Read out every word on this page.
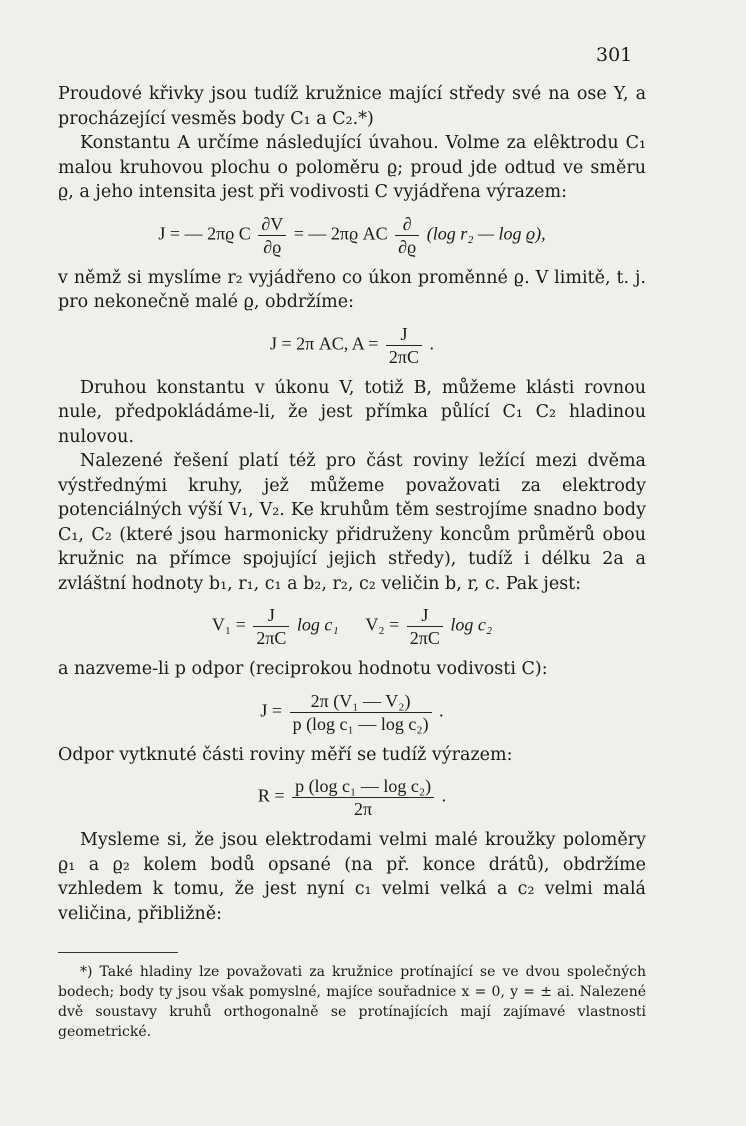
301

Proudové křivky jsou tudíž kružnice mající středy své na ose Y, a procházející vesměs body C₁ a C₂.*)

Konstantu A určíme následující úvahou. Volme za elêktrodu C₁ malou kruhovou plochu o poloměru ϱ; proud jde odtud ve směru ϱ, a jeho intensita jest při vodivosti C vyjádřena výrazem:

J = — 2πϱ C $\frac{\partial V}{\partial ϱ}$ = — 2πϱ AC $\frac{\partial}{\partial ϱ} (\log$ r₂ — log ϱ),

v němž si myslíme r₂ vyjádřeno co úkon proměnné ϱ. V limitě, t. j. pro nekonečně malé ϱ, obdržíme:

J = 2π AC, $A = \frac{J}{2\pi C}$ .

Druhou konstantu v úkonu V, totiž B, můžeme klásti rovnou nule, předpokládáme-li, že jest přímka půlící C₁ C₂ hladinou nulovou.

Nalezené řešení platí též pro část roviny ležící mezi dvěma výstřednými kruhy, jež můžeme považovati za elektrody potenciálných výší V₁, V₂. Ke kruhům těm sestrojíme snadno body C₁, C₂ (které jsou harmonicky přidruženy koncům průměrů obou kružnic na přímce spojující jejich středy), tudíž i délku 2a a zvláštní hodnoty b₁, r₁, c₁ a b₂, r₂, c₂ veličin b, r, c. Pak jest:

$V_1 = \frac{J}{2\pi C}$ log c₁ $V_2 = \frac{J}{2\pi C}$ log c₂

a nazveme-li p odpor (reciprokou hodnotu vodivosti C):

$J = \frac{\text{2π (V₁ — V₂)}}{\text{p (log c₁ — log c₂)}}$ .

Odpor vytknuté části roviny měří se tudíž výrazem:

$R = \frac{\text{p (log c₁ — log c₂)}}{2\pi}$ .

Mysleme si, že jsou elektrodami velmi malé kroužky poloměry ϱ₁ a ϱ₂ kolem bodů opsané (na př. konce drátů), obdržíme vzhledem k tomu, že jest nyní c₁ velmi velká a c₂ velmi malá veličina, přibližně:

*) Také hladiny lze považovati za kružnice protínající se ve dvou společných bodech; body ty jsou však pomyslné, majíce souřadnice x = 0, y = ± ai. Nalezené dvě soustavy kruhů orthogonalně se protínajících mají zajímavé vlastnosti geometrické.
